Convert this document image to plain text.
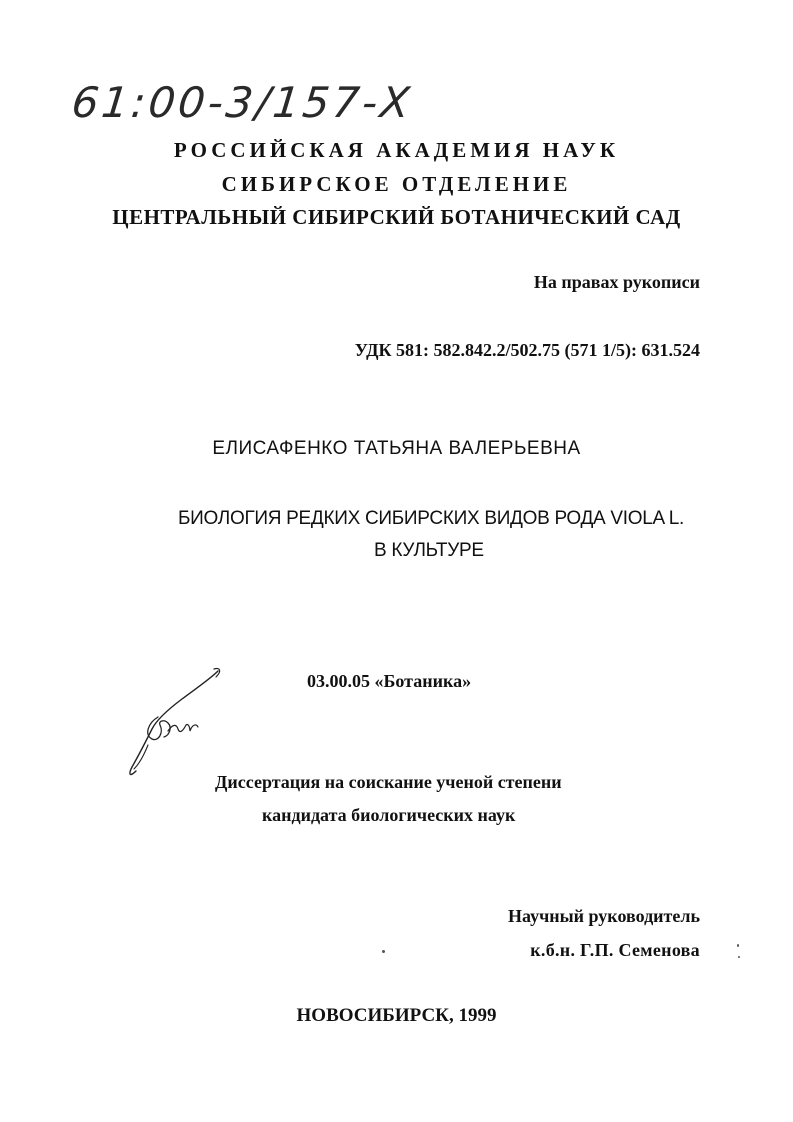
61:00-3/157-Х
РОССИЙСКАЯ АКАДЕМИЯ НАУК
СИБИРСКОЕ ОТДЕЛЕНИЕ
ЦЕНТРАЛЬНЫЙ СИБИРСКИЙ БОТАНИЧЕСКИЙ САД
На правах рукописи
УДК 581: 582.842.2/502.75 (571 1/5): 631.524
ЕЛИСАФЕНКО ТАТЬЯНА ВАЛЕРЬЕВНА
БИОЛОГИЯ РЕДКИХ СИБИРСКИХ ВИДОВ РОДА VIOLA L.
В КУЛЬТУРЕ
03.00.05 «Ботаника»
Диссертация на соискание ученой степени
кандидата биологических наук
Научный руководитель
к.б.н. Г.П. Семенова
НОВОСИБИРСК, 1999
